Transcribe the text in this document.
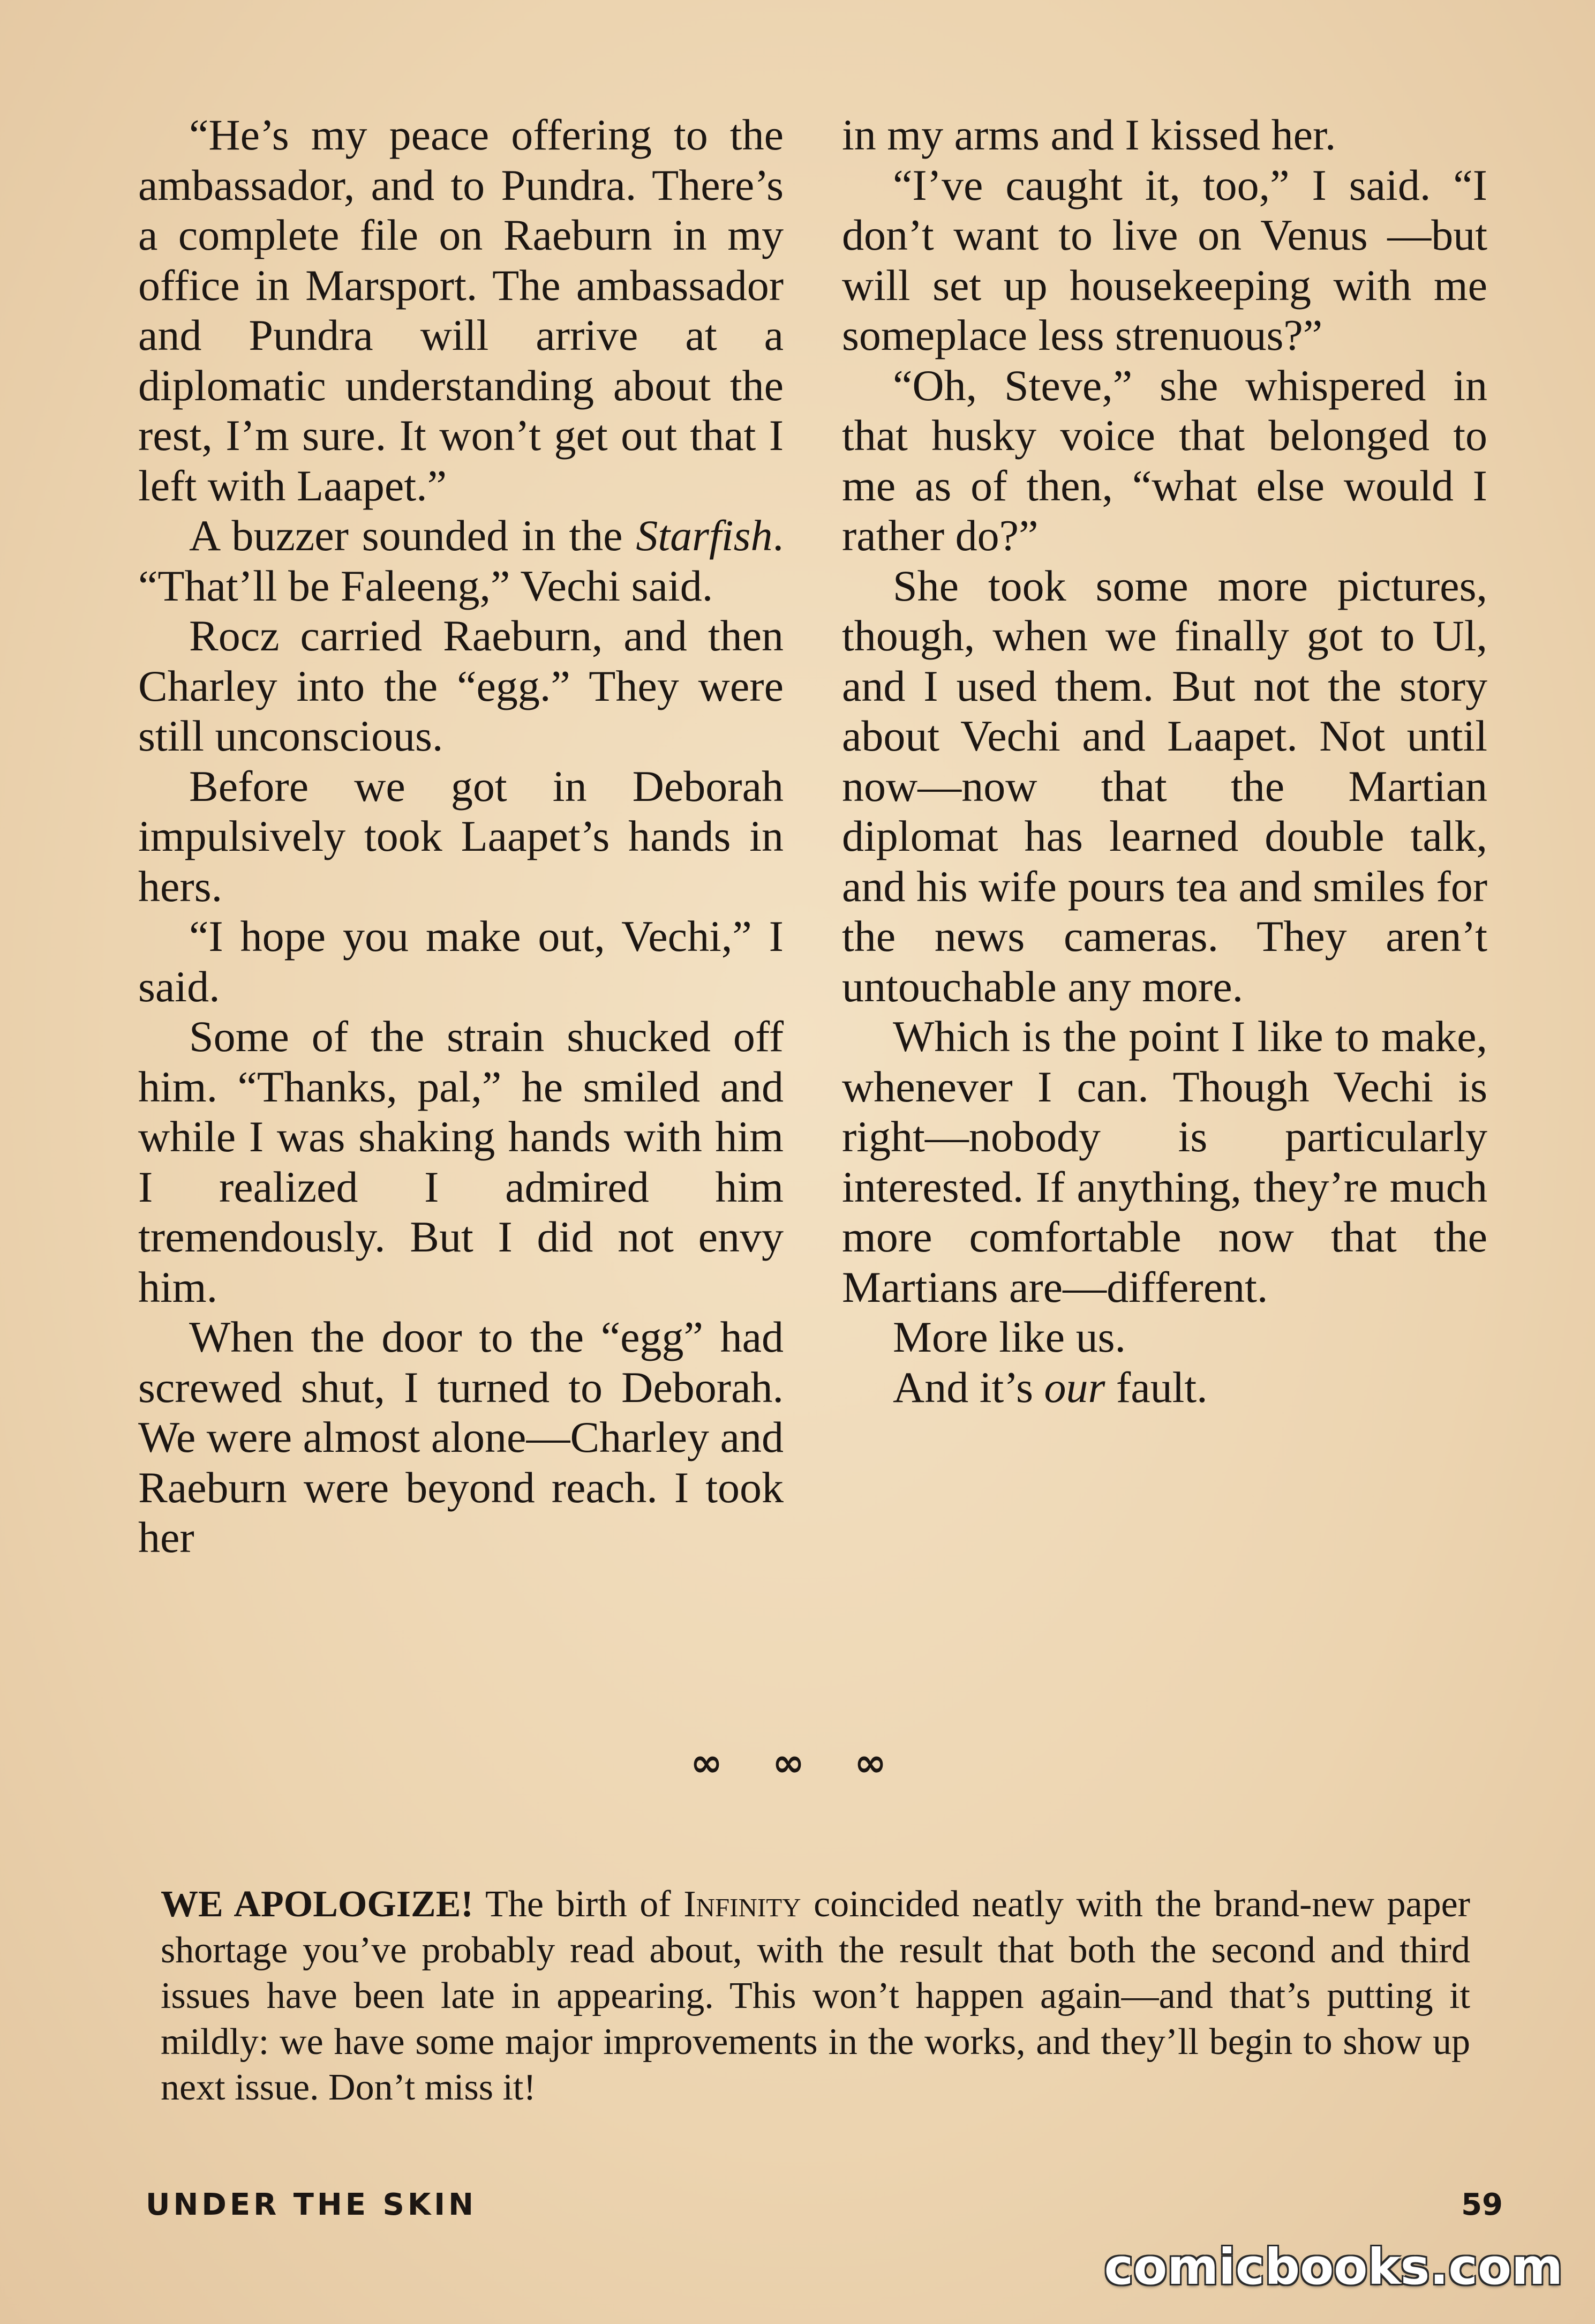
“He’s my peace offering to the ambassador, and to Pundra. There’s a complete file on Raeburn in my office in Marsport. The ambassador and Pundra will arrive at a diplomatic understanding about the rest, I’m sure. It won’t get out that I left with Laapet.”

A buzzer sounded in the Starfish. “That’ll be Faleeng,” Vechi said.

Rocz carried Raeburn, and then Charley into the “egg.” They were still unconscious.

Before we got in Deborah impulsively took Laapet’s hands in hers.

“I hope you make out, Vechi,” I said.

Some of the strain shucked off him. “Thanks, pal,” he smiled and while I was shaking hands with him I realized I admired him tremendously. But I did not envy him.

When the door to the “egg” had screwed shut, I turned to Deborah. We were almost alone—Charley and Raeburn were beyond reach. I took her

in my arms and I kissed her.

“I’ve caught it, too,” I said. “I don’t want to live on Venus —but will set up housekeeping with me someplace less strenuous?”

“Oh, Steve,” she whispered in that husky voice that belonged to me as of then, “what else would I rather do?”

She took some more pictures, though, when we finally got to Ul, and I used them. But not the story about Vechi and Laapet. Not until now—now that the Martian diplomat has learned double talk, and his wife pours tea and smiles for the news cameras. They aren’t untouchable any more.

Which is the point I like to make, whenever I can. Though Vechi is right—nobody is particularly interested. If anything, they’re much more comfortable now that the Martians are—different.

More like us.

And it’s our fault.

∞ ∞ ∞
WE APOLOGIZE! The birth of Infinity coincided neatly with the brand-new paper shortage you’ve probably read about, with the result that both the second and third issues have been late in appearing. This won’t happen again—and that’s putting it mildly: we have some major improvements in the works, and they’ll begin to show up next issue. Don’t miss it!
UNDER THE SKIN	59
comicbooks.com
